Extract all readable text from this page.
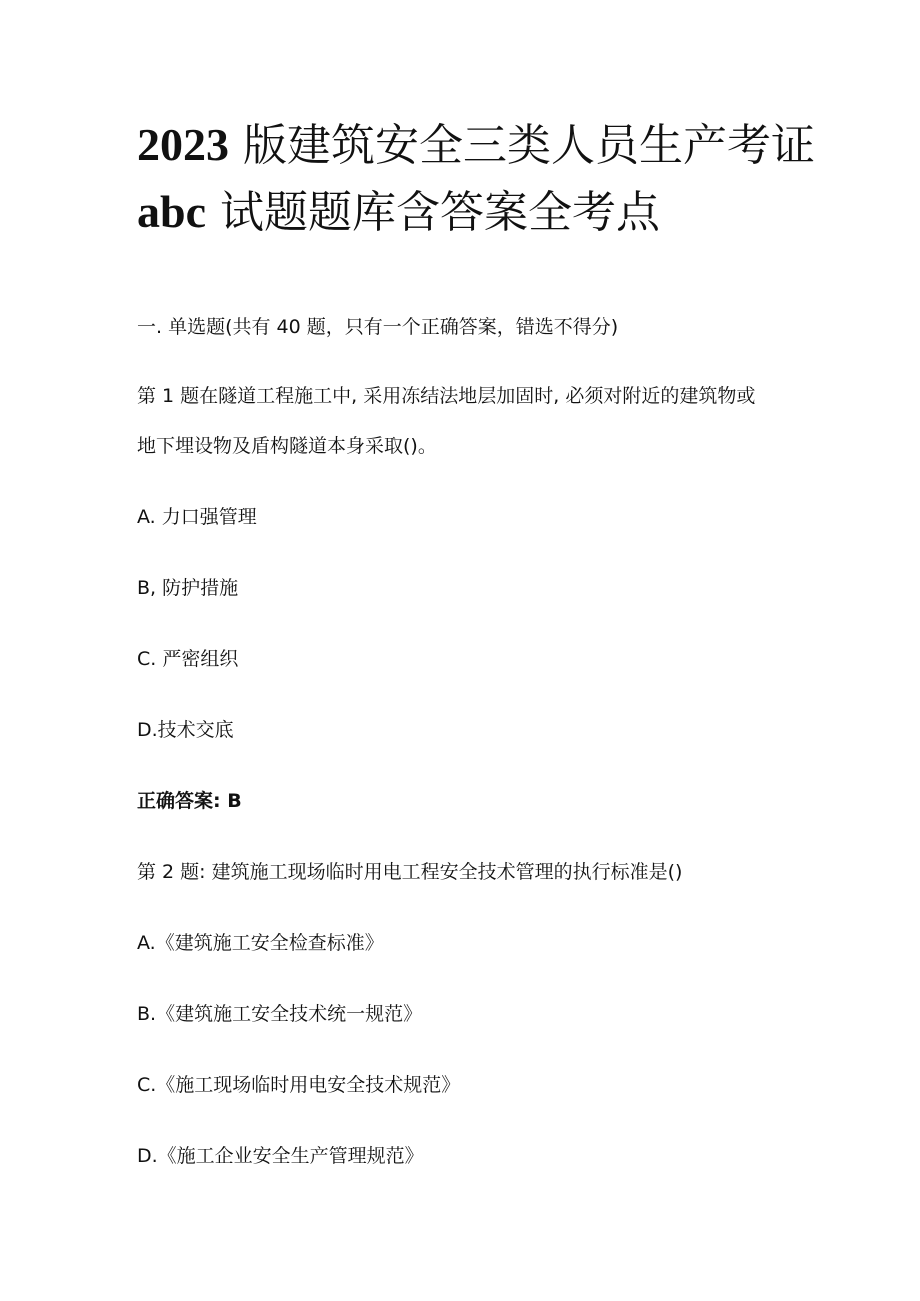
2023 版建筑安全三类人员生产考证
abc 试题题库含答案全考点

一. 单选题(共有 40 题，只有一个正确答案，错选不得分)

第 1 题在隧道工程施工中, 采用冻结法地层加固时, 必须对附近的建筑物或

地下埋设物及盾构隧道本身采取()。

A. 力口强管理

B, 防护措施

C. 严密组织

D.技术交底

正确答案: B

第 2 题: 建筑施工现场临时用电工程安全技术管理的执行标准是()

A.《建筑施工安全检查标准》

B.《建筑施工安全技术统一规范》

C.《施工现场临时用电安全技术规范》

D.《施工企业安全生产管理规范》
